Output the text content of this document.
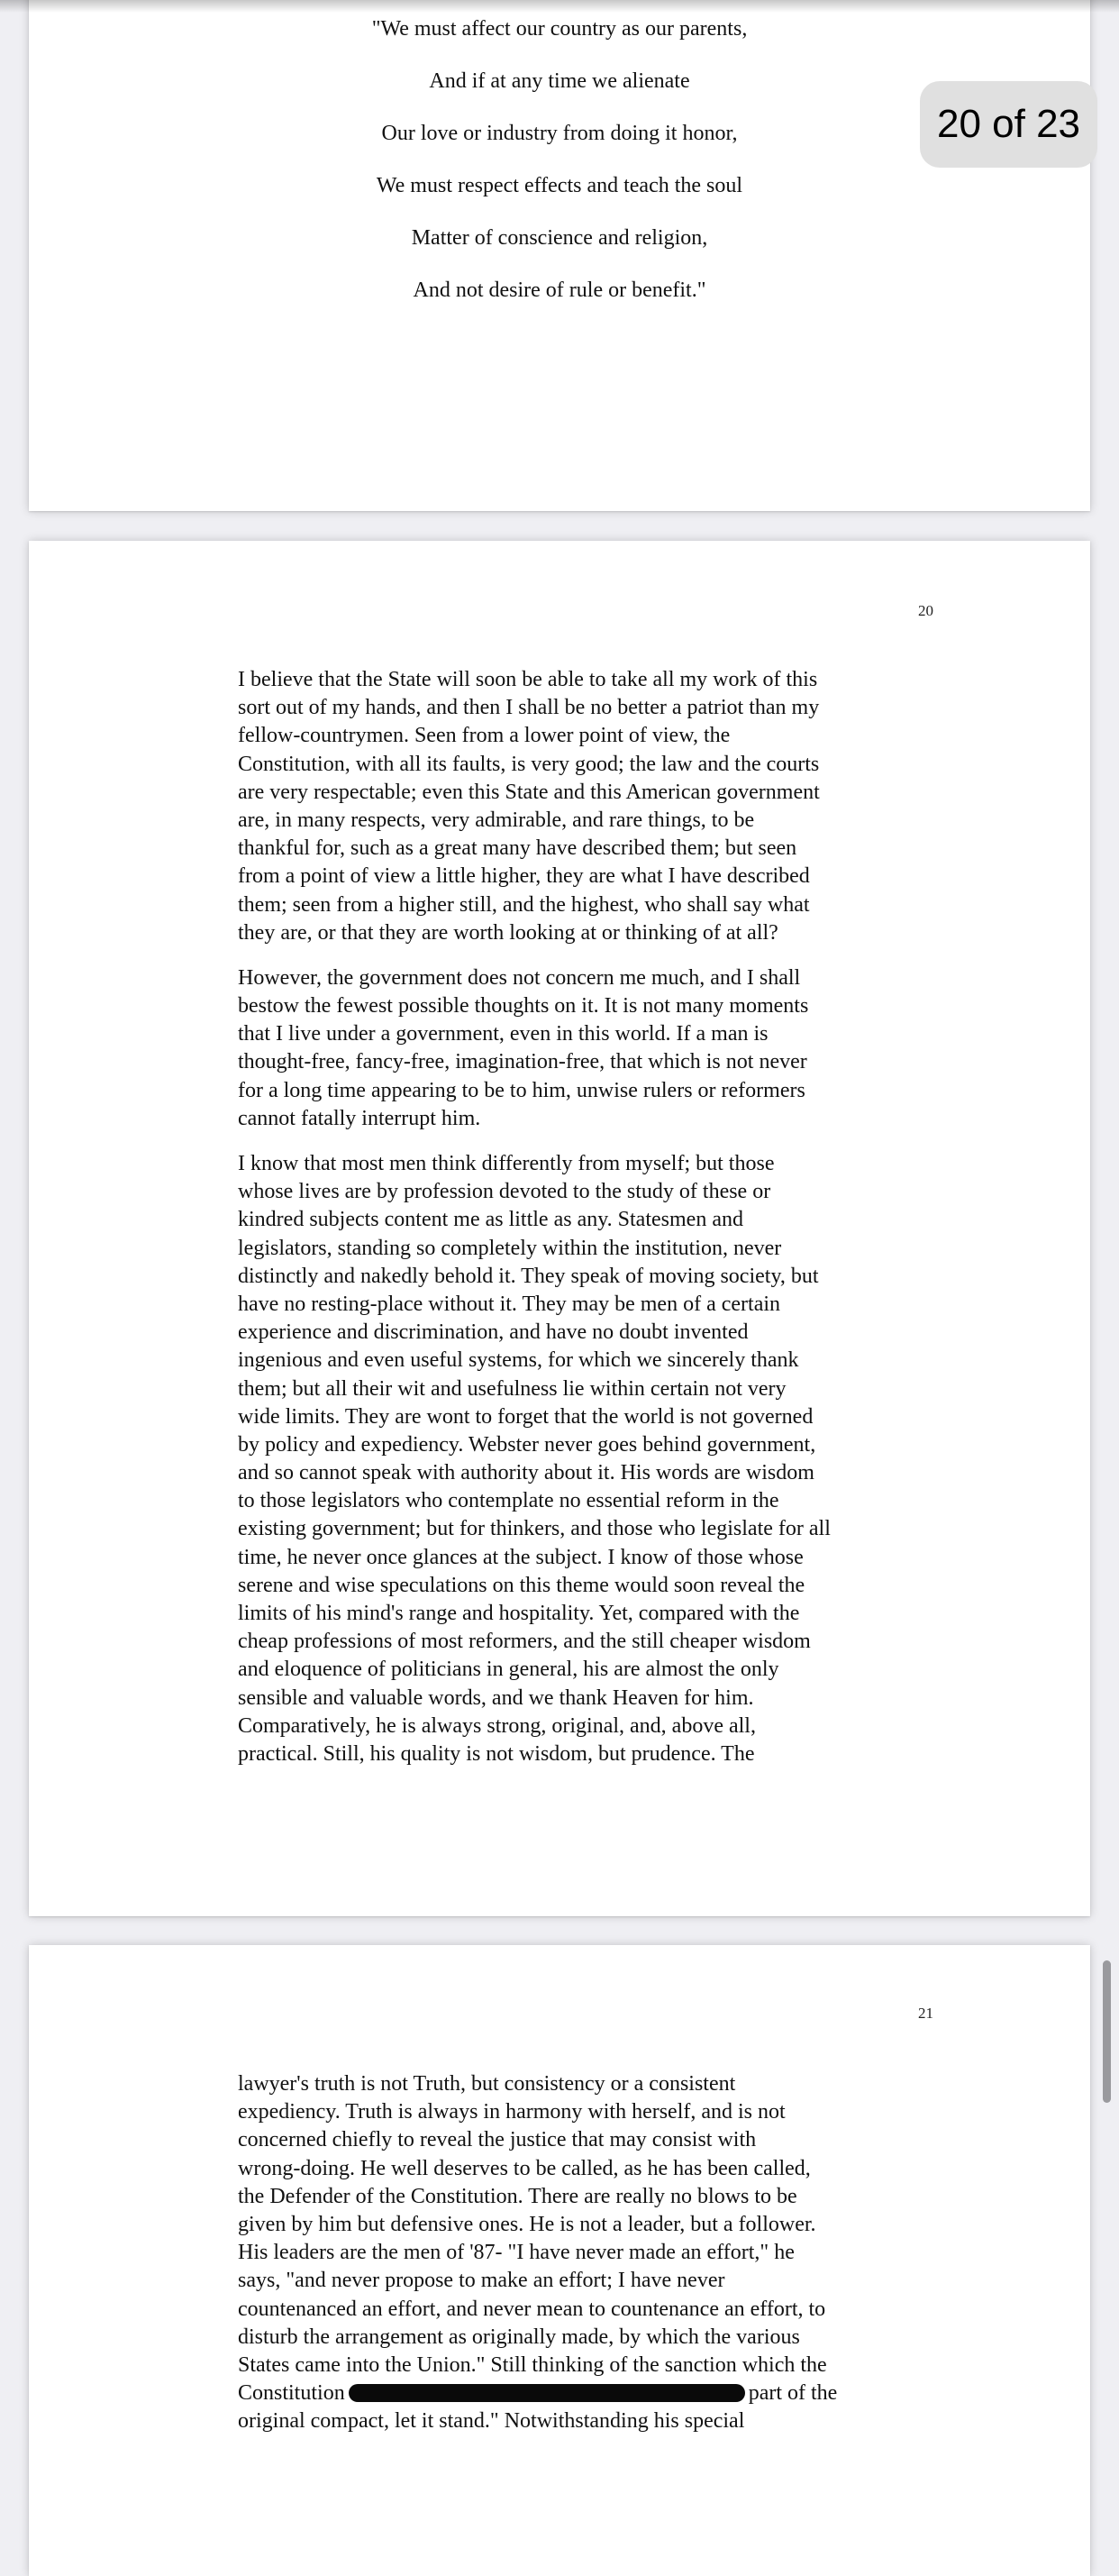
"We must affect our country as our parents,
And if at any time we alienate
Our love or industry from doing it honor,
We must respect effects and teach the soul
Matter of conscience and religion,
And not desire of rule or benefit."
20
I believe that the State will soon be able to take all my work of this
sort out of my hands, and then I shall be no better a patriot than my
fellow-countrymen. Seen from a lower point of view, the
Constitution, with all its faults, is very good; the law and the courts
are very respectable; even this State and this American government
are, in many respects, very admirable, and rare things, to be
thankful for, such as a great many have described them; but seen
from a point of view a little higher, they are what I have described
them; seen from a higher still, and the highest, who shall say what
they are, or that they are worth looking at or thinking of at all?
However, the government does not concern me much, and I shall
bestow the fewest possible thoughts on it. It is not many moments
that I live under a government, even in this world. If a man is
thought-free, fancy-free, imagination-free, that which is not never
for a long time appearing to be to him, unwise rulers or reformers
cannot fatally interrupt him.
I know that most men think differently from myself; but those
whose lives are by profession devoted to the study of these or
kindred subjects content me as little as any. Statesmen and
legislators, standing so completely within the institution, never
distinctly and nakedly behold it. They speak of moving society, but
have no resting-place without it. They may be men of a certain
experience and discrimination, and have no doubt invented
ingenious and even useful systems, for which we sincerely thank
them; but all their wit and usefulness lie within certain not very
wide limits. They are wont to forget that the world is not governed
by policy and expediency. Webster never goes behind government,
and so cannot speak with authority about it. His words are wisdom
to those legislators who contemplate no essential reform in the
existing government; but for thinkers, and those who legislate for all
time, he never once glances at the subject. I know of those whose
serene and wise speculations on this theme would soon reveal the
limits of his mind's range and hospitality. Yet, compared with the
cheap professions of most reformers, and the still cheaper wisdom
and eloquence of politicians in general, his are almost the only
sensible and valuable words, and we thank Heaven for him.
Comparatively, he is always strong, original, and, above all,
practical. Still, his quality is not wisdom, but prudence. The
21
lawyer's truth is not Truth, but consistency or a consistent
expediency. Truth is always in harmony with herself, and is not
concerned chiefly to reveal the justice that may consist with
wrong-doing. He well deserves to be called, as he has been called,
the Defender of the Constitution. There are really no blows to be
given by him but defensive ones. He is not a leader, but a follower.
His leaders are the men of '87- "I have never made an effort," he
says, "and never propose to make an effort; I have never
countenanced an effort, and never mean to countenance an effort, to
disturb the arrangement as originally made, by which the various
States came into the Union." Still thinking of the sanction which the
Constitution	part of the
original compact, let it stand." Notwithstanding his special
20 of 23
